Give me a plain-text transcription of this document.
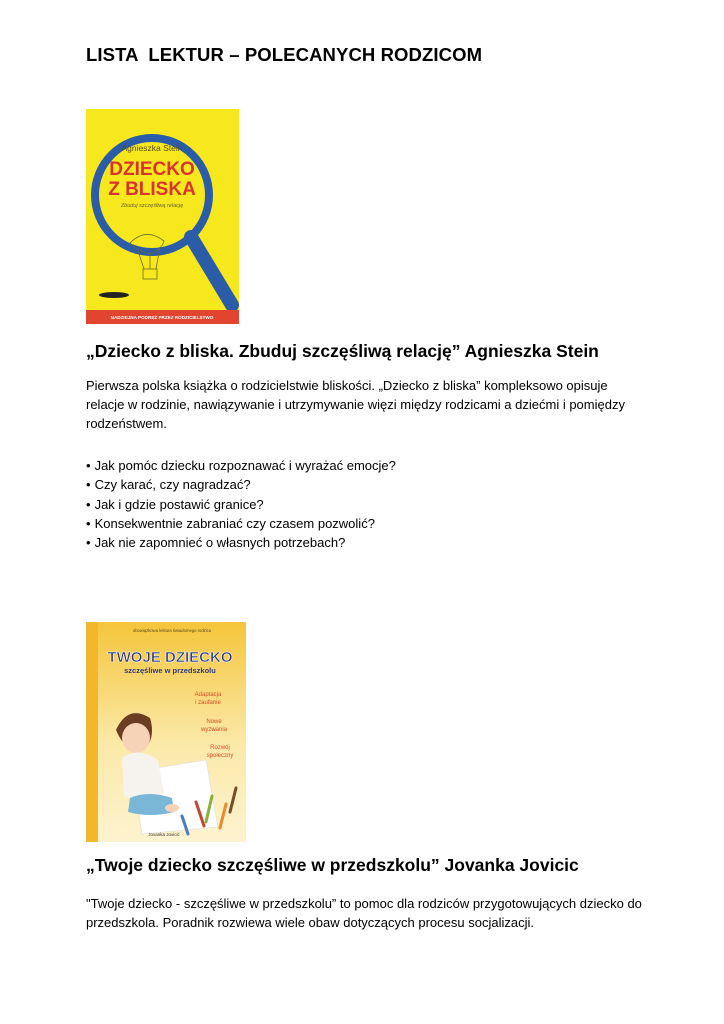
LISTA  LEKTUR – POLECANYCH RODZICOM
Agnieszka Stein
DZIECKO
Z BLISKA
Zbuduj szczęśliwą relację
NADZIEJNA PODRĘŻ PRZEZ RODZICIELSTWO
„Dziecko z bliska. Zbuduj szczęśliwą relację” Agnieszka Stein

Pierwsza polska książka o rodzicielstwie bliskości. „Dziecko z bliska” kompleksowo opisuje relacje w rodzinie, nawiązywanie i utrzymywanie więzi między rodzicami a dziećmi i pomiędzy rodzeństwem.

• Jak pomóc dziecku rozpoznawać i wyrażać emocje?
• Czy karać, czy nagradzać?
• Jak i gdzie postawić granice?
• Konsekwentnie zabraniać czy czasem pozwolić?
• Jak nie zapomnieć o własnych potrzebach?
obowiązkowa lektura świadomego rodzica
TWOJE DZIECKO
szczęśliwe w przedszkolu
Adaptacja
i zaufanie
Nowe
wyzwania
Rozwój
społeczny
Jovanka Jovicić
„Twoje dziecko szczęśliwe w przedszkolu” Jovanka Jovicic

"Twoje dziecko - szczęśliwe w przedszkolu” to pomoc dla rodziców przygotowujących dziecko do przedszkola. Poradnik rozwiewa wiele obaw dotyczących procesu socjalizacji.
